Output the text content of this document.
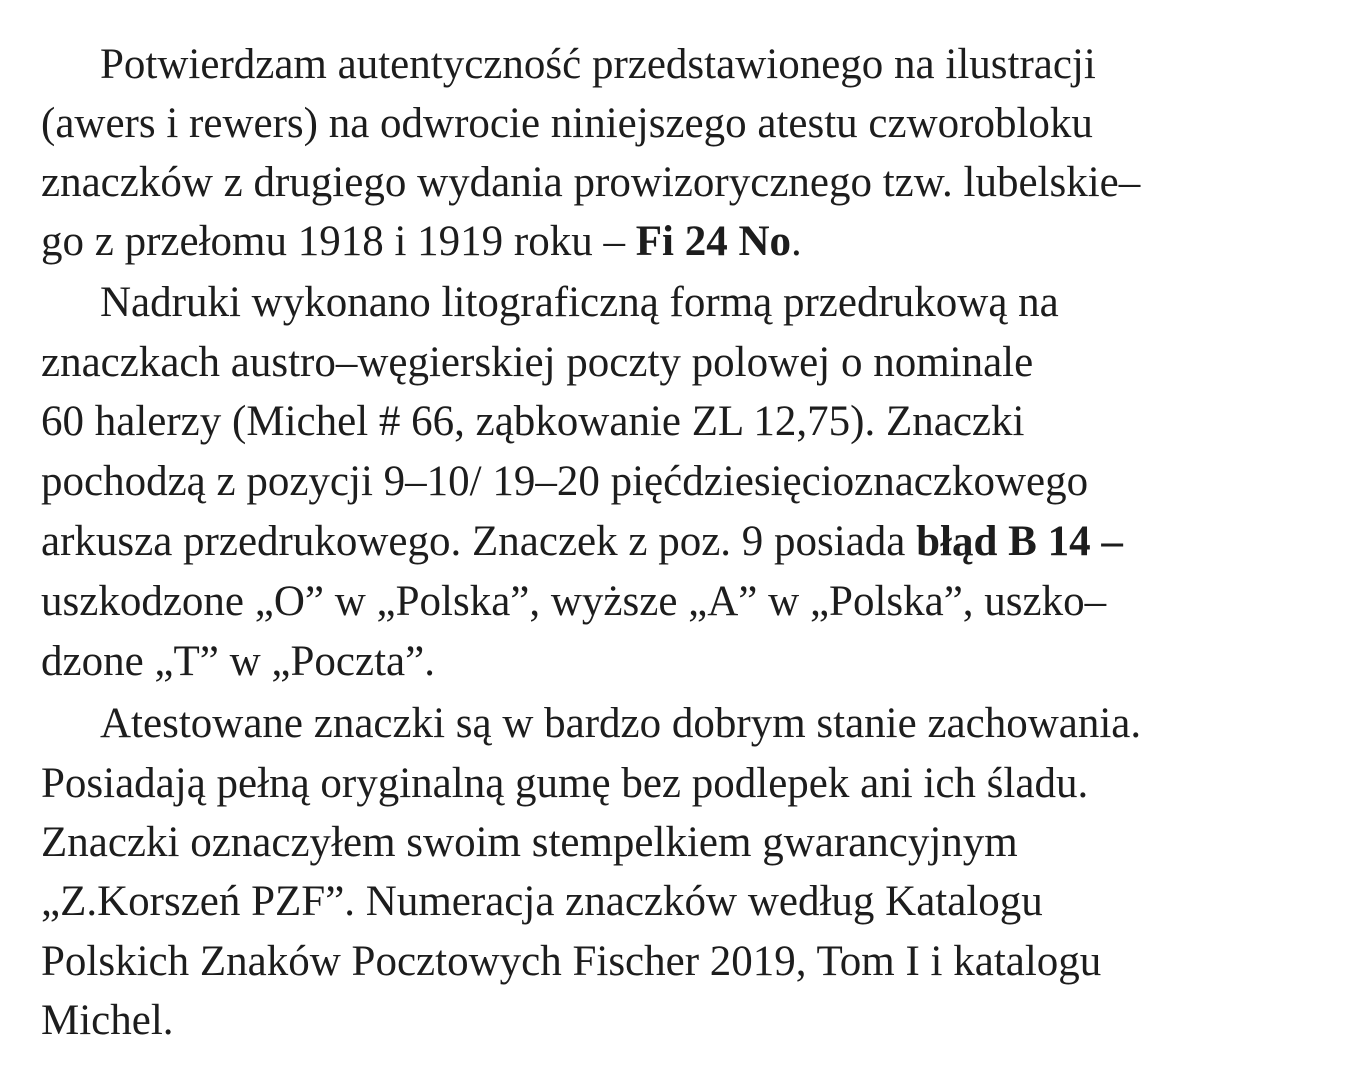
Potwierdzam autentyczność przedstawionego na ilustracji
(awers i rewers) na odwrocie niniejszego atestu czworobloku
znaczków z drugiego wydania prowizorycznego tzw. lubelskie–
go z przełomu 1918 i 1919 roku – Fi 24 No.
Nadruki wykonano litograficzną formą przedrukową na
znaczkach austro–węgierskiej poczty polowej o nominale
60 halerzy (Michel # 66, ząbkowanie ZL 12,75). Znaczki
pochodzą z pozycji 9–10/ 19–20 pięćdziesięcioznaczkowego
arkusza przedrukowego. Znaczek z poz. 9 posiada błąd B 14 –
uszkodzone „O” w „Polska”, wyższe „A” w „Polska”, uszko–
dzone „T” w „Poczta”.
Atestowane znaczki są w bardzo dobrym stanie zachowania.
Posiadają pełną oryginalną gumę bez podlepek ani ich śladu.
Znaczki oznaczyłem swoim stempelkiem gwarancyjnym
„Z.Korszeń PZF”. Numeracja znaczków według Katalogu
Polskich Znaków Pocztowych Fischer 2019, Tom I i katalogu
Michel.
